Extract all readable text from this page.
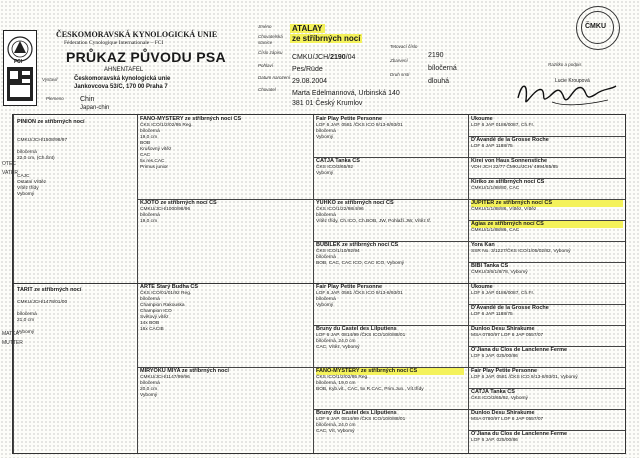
FCI
ČESKOMORAVSKÁ KYNOLOGICKÁ UNIE
Féderation Cynologique Internationale – FCI
PRŮKAZ PŮVODU PSA
AHNENTAFEL
Vystavil	Českomoravská kynologická unie
Jankovcova 53/C, 170 00 Praha 7
Plemeno Chin
Japan-chin
Jméno
Chovatelská stanice
Číslo zápisu
Pohlaví
Datum narození
Chovatel
ATALAY
ze stříbrných nocí
CMKU/JCH/2190/04
Pes/Rüde
29.08.2004
Marta Edelmannová, Urbinská 140
381 01 Český Krumlov
Tetovací číslo
Zbarvení
Druh srsti
2190
bíločerná
dlouhá
ČMKU
Razítko a podpis
Lucie Kroupová
PINION ze stříbrných nocí
CMKU/JCH/1508/98/97
bíločerná
22,0 cm, (Ch.Šnt)
CAJC
Ostatní Víttěz
Vítěz třídy
Vybomý
TARIT ze stříbrných nocí
CMKU/JCH/1478/01/00
bíločerná
21,0 cm
Vybomý
OTEC VATER
MATKA MUTTER
FANO-MYSTERY ze stříbrných nocí CS
ČKS ICO/1/2/02/95 Reg.
bíločerná
19,0 cm
BOB
Krušovný vítěz
CAC
5x res.CAC
Primus junior
KJÓTÓ ze stříbrných nocí CS
CMKU/JCH/1000/98/96
bíločerná
19,0 cm
ARTE Starý Budha CS
ČKS ICO/01/01/92 Reg.
bíločerná
Champion Rakouska
Champion ICO
Světový vítěz
14x BOB
16x CACIB
MIRYOKU MIYA ze stříbrných nocí
CMKU/JCH/1147/99/96
bíločerná
20,0 cm
Vybomý
Fair Play Petite Personne
LOF 6 JAP. 0581 /ČKS ICO 9/13-8/93/01
bíločerná
Vybomý
CATJA Tanka CS
ČKS ICO/3/65/92
Vybomý
YUHKO ze stříbrných nocí CS
ČKS ICO/1/22/98/4/96
bíločerná
Vítěz třídy, Ch.ICO, Ch.BOB, JW, Pohlaží.JW, Vítěz tř.
BUBÍLEK ze stříbrných nocí CS
ČKS ICO/1/10/92/94
bíločerná
BOB, CAC, CAC ICO, CAC ICO, Vybomý
Fair Play Petite Personne
LOF 6 JAP. 0581 /ČKS ICO 9/13-8/93/01
bíločerná
Vybomý
Bruny du Castel des Lilputiens
LOF 6 JAP. 0814/99 /ČKS ICO/10/0/88/01
bíločerná, 24,0 cm
CAC, Vítěz, Vybomý
FANO-MYSTERY ze stříbrných nocí CS
ČKS ICO/1/2/02/95 Reg.
bíločerná, 19,0 cm
BOB, Kyb.vít., CAC, 5x R.CAC, Prim.Jun., Vít.třídy
Bruny du Castel des Lilputiens
LOF 6 JAP. 0814/99 /ČKS ICO/10/0/88/01
bíločerná, 24,0 cm
CAC, Vít, Vybomý
Ukoume
LOF 6 JAP 0186/0087, Ch.Fr.
D'Avandé de la Grosse Roche
LOF 6 JAP 1188/75
Kirei von Haus Sonnenstiche
VDH JCH 22/77 ČMKU/JCH/ 4994/85/85
Kiriko ze stříbrných nocí CS
ČMKU/1/1/88/80, CAC
JUPITER ze stříbrných nocí CS
ČMKU/1/1/88/86, Víttěz, Víttěz
Agias ze stříbrných nocí CS
ČMKU/1/1/88/86, CAC
Yora Kan
SSR No. 3/1227/ČKS ICO/1/05/02/82, Vybomý
BIBI Tanka CS
ČMKU/3/6/1/8/78, Vybomý
Ukoume
LOF 6 JAP 0186/0087, Ch.Fr.
D'Avandé de la Grosse Roche
LOF 6 JAP 1188/75
Dunloo Desu Shirakume
MSA 0780/97 LOF 6 JAP 0557/07
O'Jiana du Clos de Lanclenne Ferme
LOF 6 JAP. 025/00/86
Fair Play Petite Personne
LOF 6 JAP. 0581 /ČKS ICO 9/13-8/93/01, Vybomý
CATJA Tanka CS
ČKS ICO/3/65/92, Vybomý
Dunloo Desu Shirakume
MSA 0780/97 LOF 6 JAP 0557/07
O'Jiana du Clos de Lanclenne Ferme
LOF 6 JAP. 025/00/86
